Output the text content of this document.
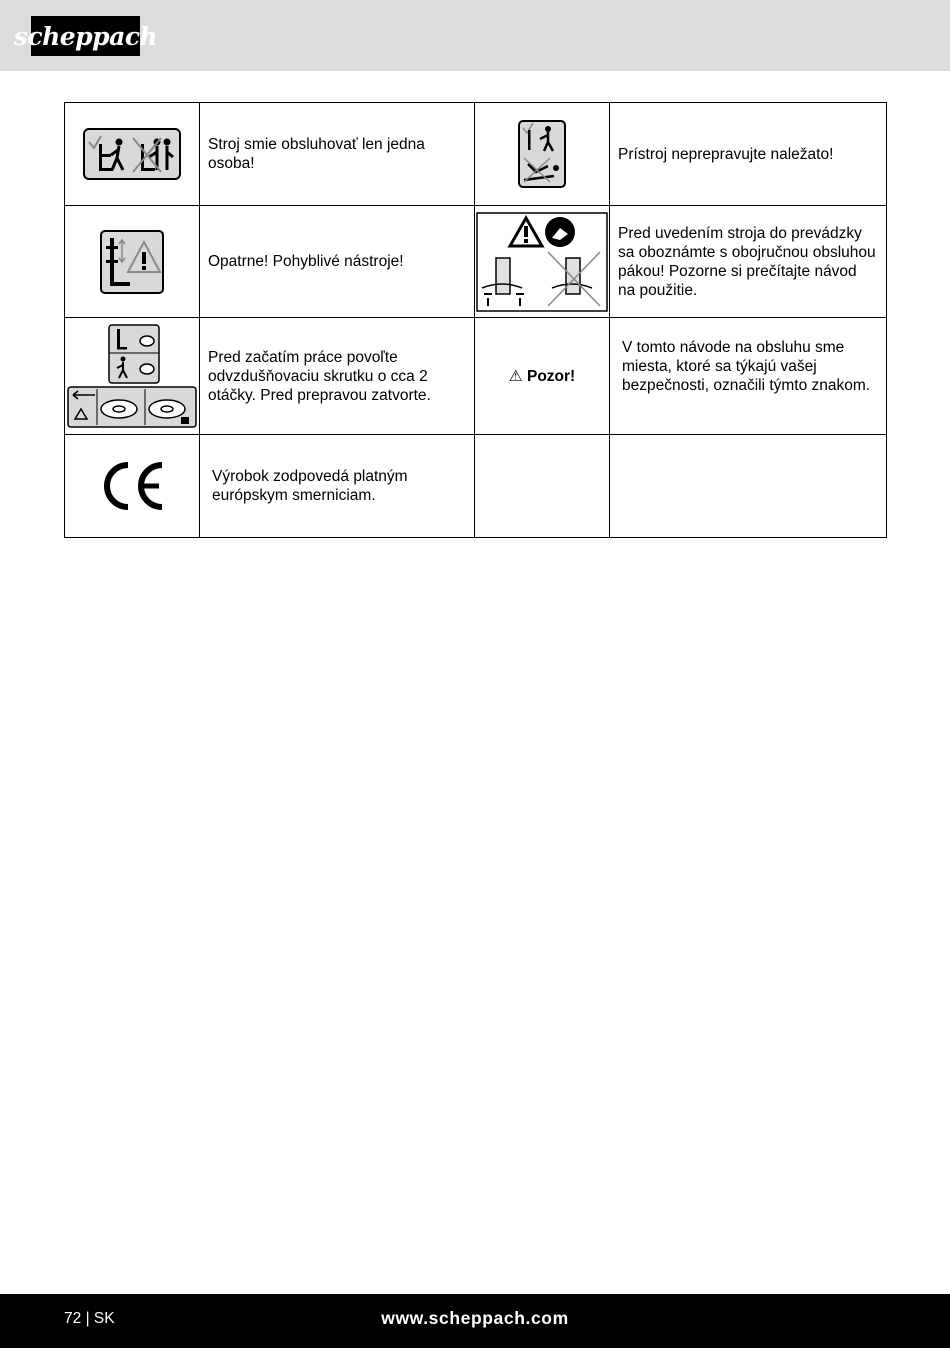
scheppach
	Stroj smie obsluhovať len jedna osoba!		Prístroj neprepravujte naležato!

	Opatrne! Pohyblivé nástroje!		Pred uvedením stroja do prevádzky sa oboznámte s obojručnou obsluhou pákou! Pozorne si prečítajte návod na použitie.

	Pred začatím práce povoľte odvzdušňovaciu skrutku o cca 2 otáčky. Pred prepravou zatvorte.	⚠ Pozor!	V tomto návode na obsluhu sme miesta, ktoré sa týkajú vašej bezpečnosti, označili týmto znakom.

	Výrobok zodpovedá platným európskym smerniciam.		
72 | SK	www.scheppach.com
